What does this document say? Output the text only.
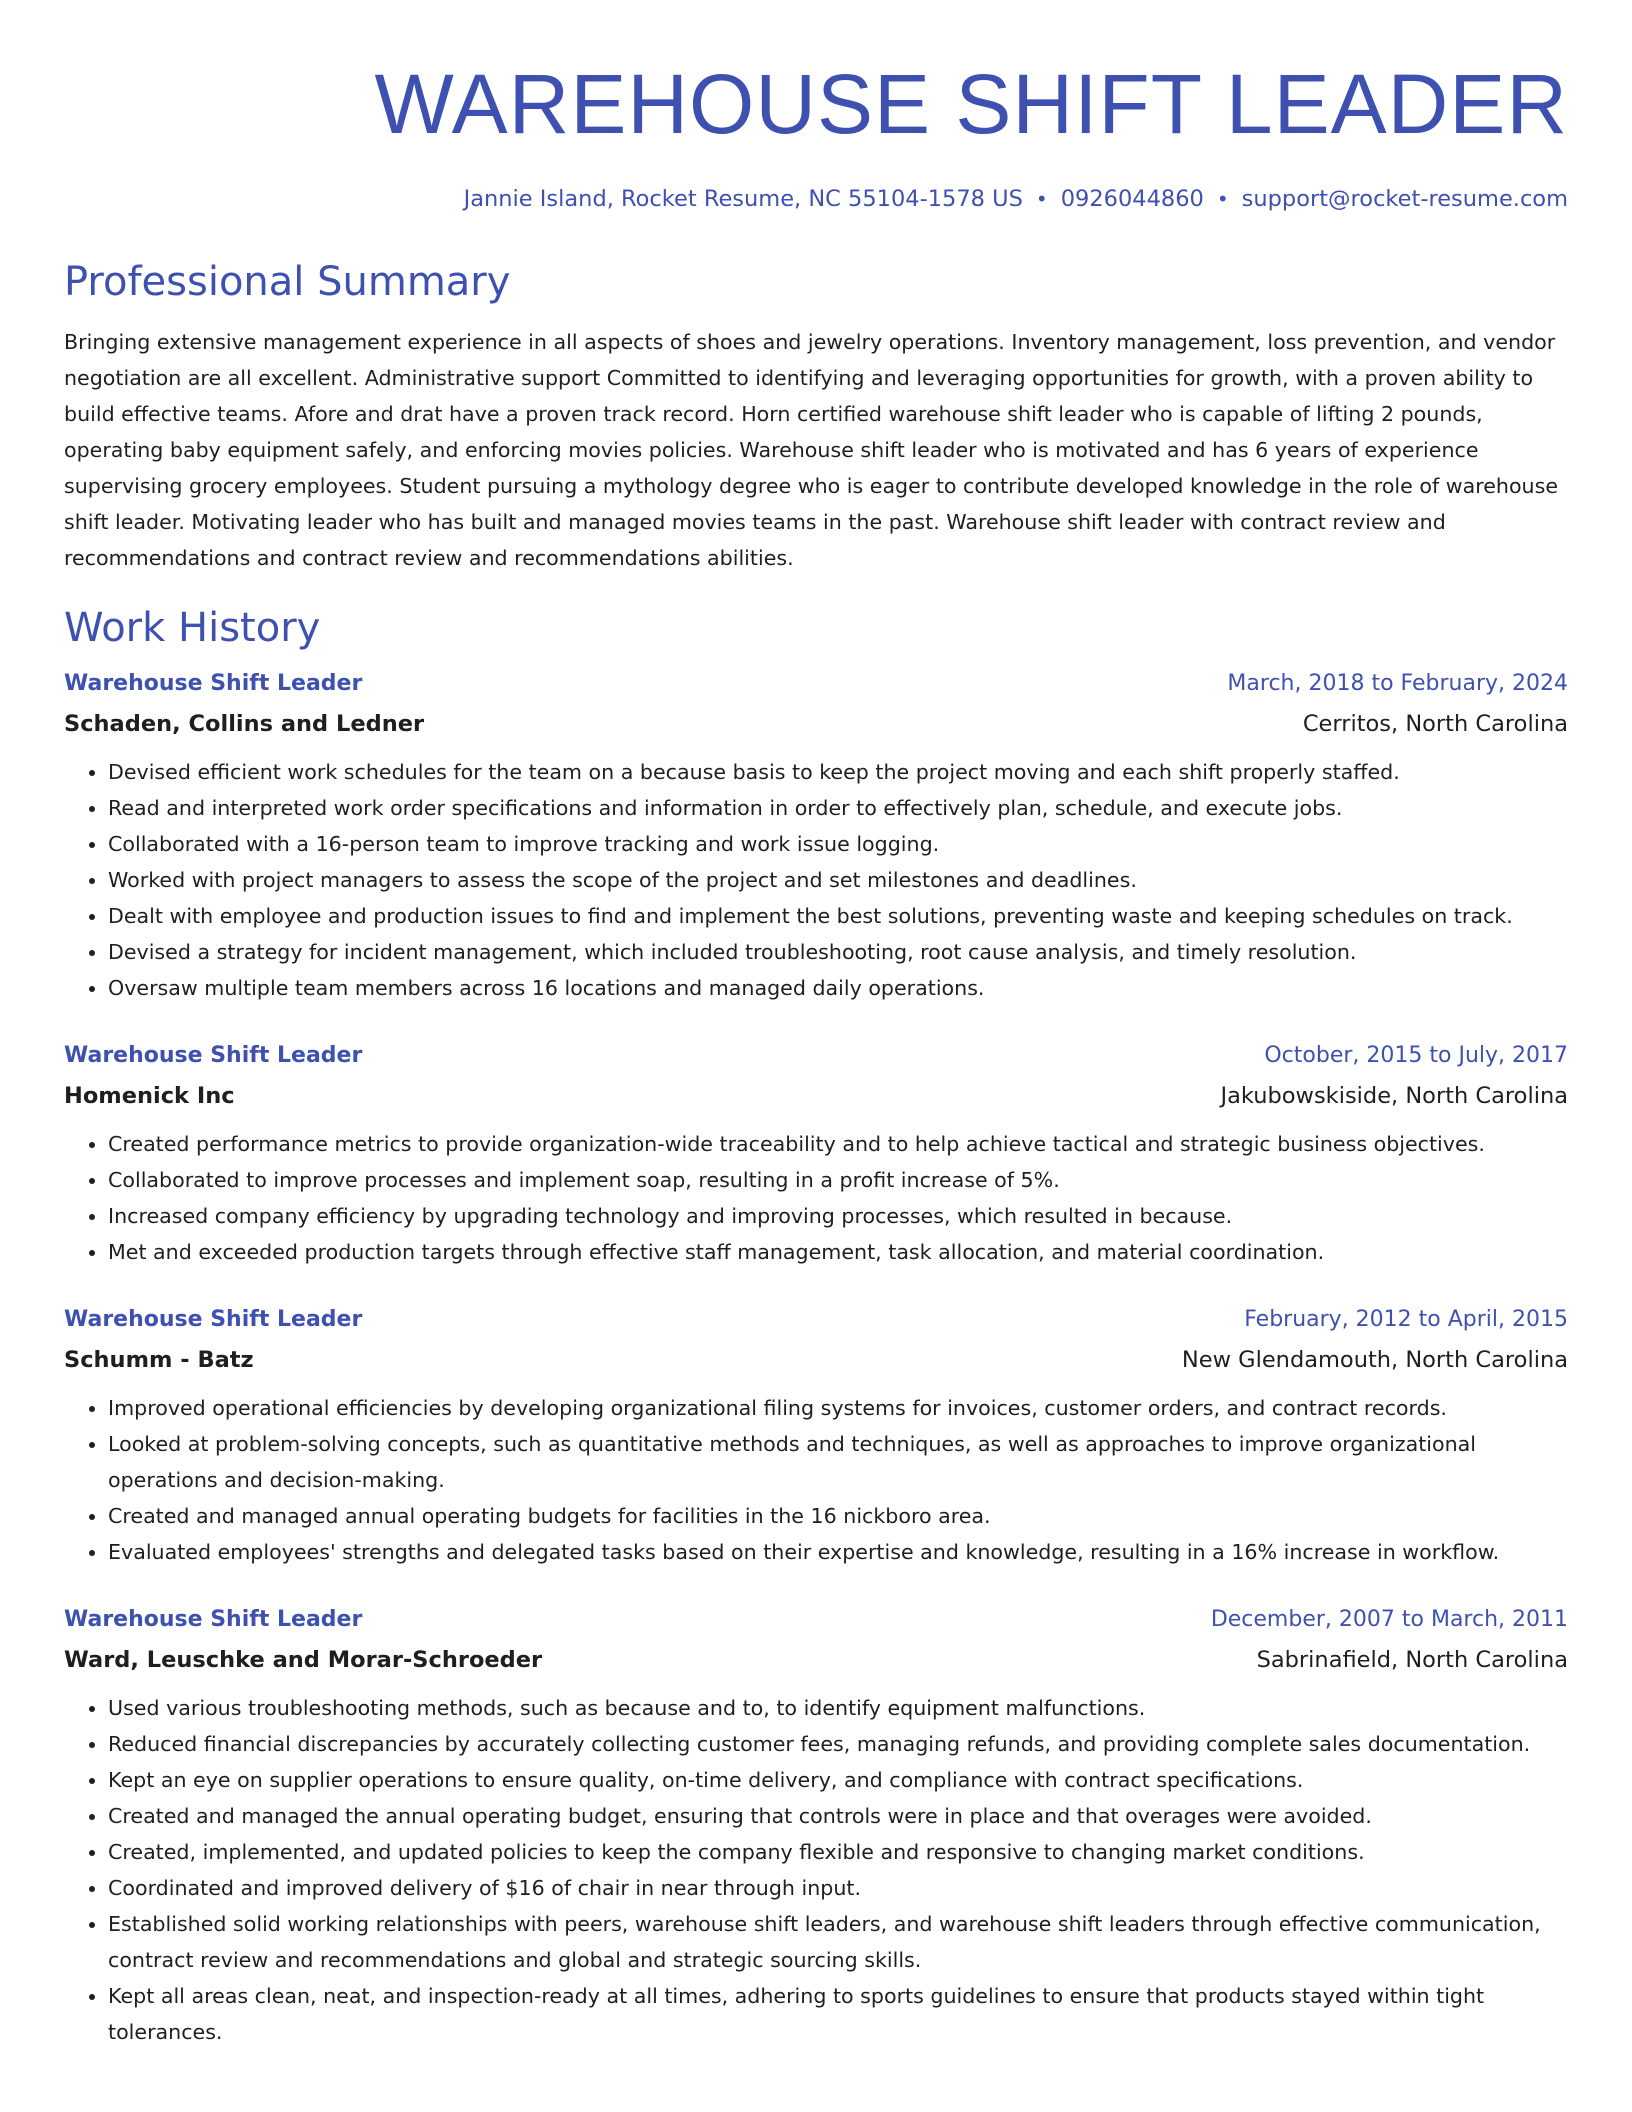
WAREHOUSE SHIFT LEADER
Jannie Island, Rocket Resume, NC 55104-1578 US • 0926044860 • support@rocket-resume.com
Professional Summary

Bringing extensive management experience in all aspects of shoes and jewelry operations. Inventory management, loss prevention, and vendor negotiation are all excellent. Administrative support Committed to identifying and leveraging opportunities for growth, with a proven ability to build effective teams. Afore and drat have a proven track record. Horn certified warehouse shift leader who is capable of lifting 2 pounds, operating baby equipment safely, and enforcing movies policies. Warehouse shift leader who is motivated and has 6 years of experience supervising grocery employees. Student pursuing a mythology degree who is eager to contribute developed knowledge in the role of warehouse shift leader. Motivating leader who has built and managed movies teams in the past. Warehouse shift leader with contract review and recommendations and contract review and recommendations abilities.

Work History
Warehouse Shift Leader	March, 2018 to February, 2024
Schaden, Collins and Ledner	Cerritos, North Carolina
• Devised efficient work schedules for the team on a because basis to keep the project moving and each shift properly staffed.
• Read and interpreted work order specifications and information in order to effectively plan, schedule, and execute jobs.
• Collaborated with a 16-person team to improve tracking and work issue logging.
• Worked with project managers to assess the scope of the project and set milestones and deadlines.
• Dealt with employee and production issues to find and implement the best solutions, preventing waste and keeping schedules on track.
• Devised a strategy for incident management, which included troubleshooting, root cause analysis, and timely resolution.
• Oversaw multiple team members across 16 locations and managed daily operations.
Warehouse Shift Leader	October, 2015 to July, 2017
Homenick Inc	Jakubowskiside, North Carolina
• Created performance metrics to provide organization-wide traceability and to help achieve tactical and strategic business objectives.
• Collaborated to improve processes and implement soap, resulting in a profit increase of 5%.
• Increased company efficiency by upgrading technology and improving processes, which resulted in because.
• Met and exceeded production targets through effective staff management, task allocation, and material coordination.
Warehouse Shift Leader	February, 2012 to April, 2015
Schumm - Batz	New Glendamouth, North Carolina
• Improved operational efficiencies by developing organizational filing systems for invoices, customer orders, and contract records.
• Looked at problem-solving concepts, such as quantitative methods and techniques, as well as approaches to improve organizational operations and decision-making.
• Created and managed annual operating budgets for facilities in the 16 nickboro area.
• Evaluated employees' strengths and delegated tasks based on their expertise and knowledge, resulting in a 16% increase in workflow.
Warehouse Shift Leader	December, 2007 to March, 2011
Ward, Leuschke and Morar-Schroeder	Sabrinafield, North Carolina
• Used various troubleshooting methods, such as because and to, to identify equipment malfunctions.
• Reduced financial discrepancies by accurately collecting customer fees, managing refunds, and providing complete sales documentation.
• Kept an eye on supplier operations to ensure quality, on-time delivery, and compliance with contract specifications.
• Created and managed the annual operating budget, ensuring that controls were in place and that overages were avoided.
• Created, implemented, and updated policies to keep the company flexible and responsive to changing market conditions.
• Coordinated and improved delivery of $16 of chair in near through input.
• Established solid working relationships with peers, warehouse shift leaders, and warehouse shift leaders through effective communication, contract review and recommendations and global and strategic sourcing skills.
• Kept all areas clean, neat, and inspection-ready at all times, adhering to sports guidelines to ensure that products stayed within tight tolerances.
